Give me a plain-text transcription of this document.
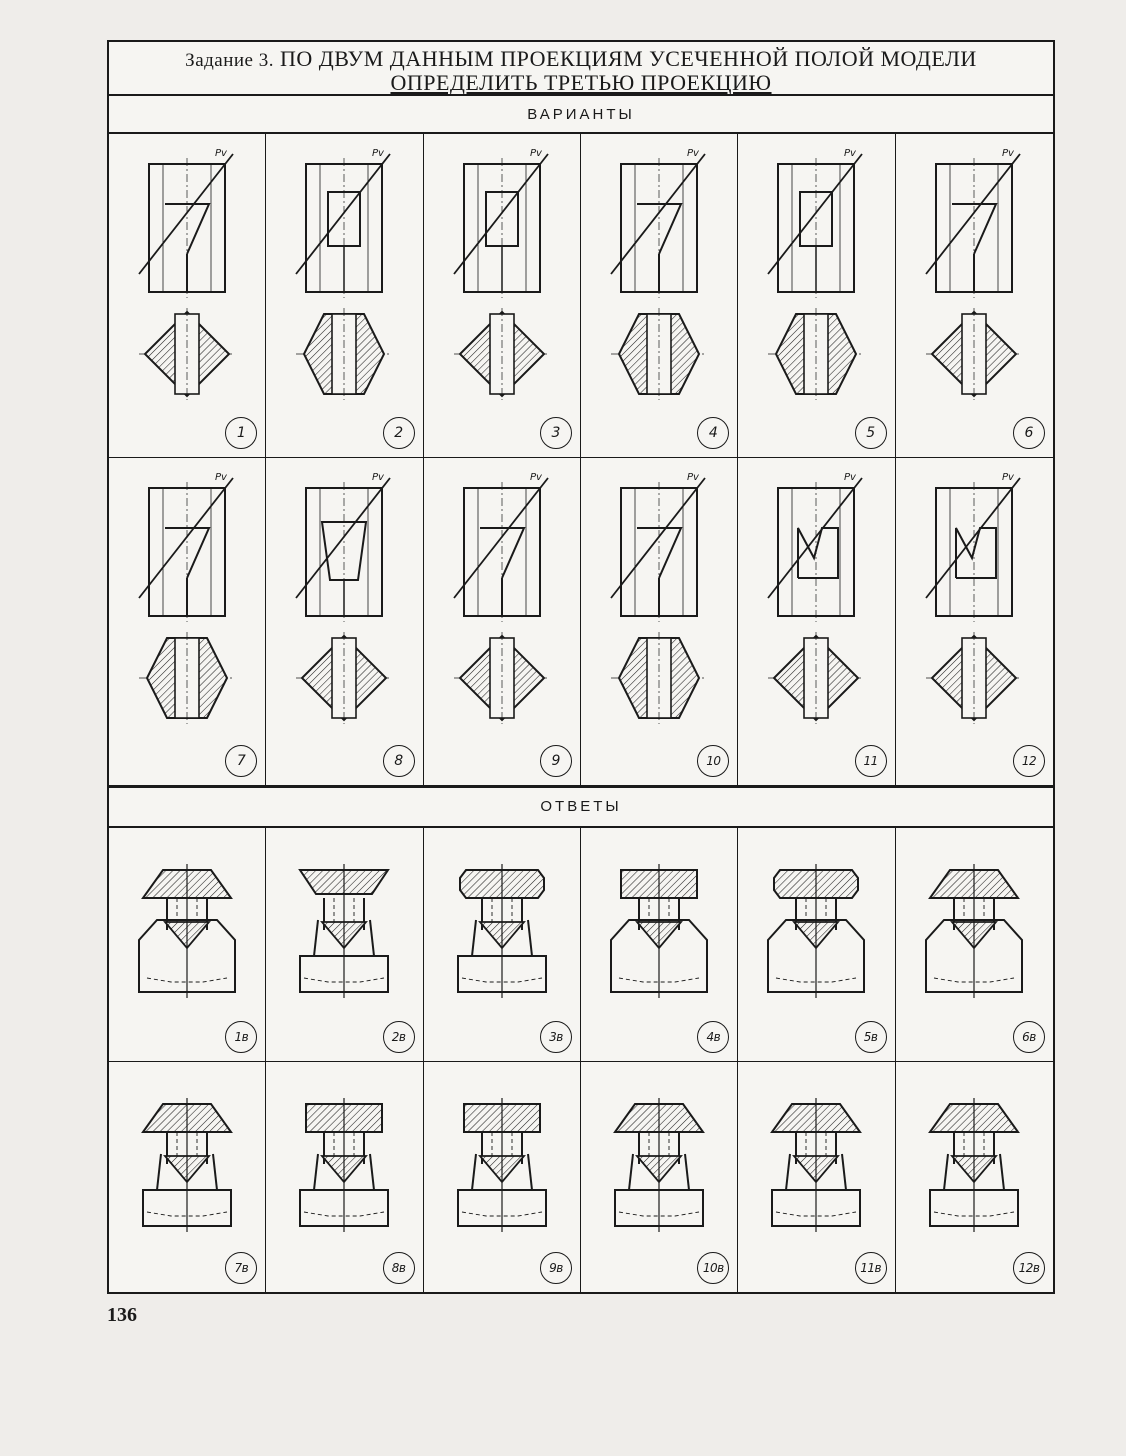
Задание 3. ПО ДВУМ ДАННЫМ ПРОЕКЦИЯМ УСЕЧЕННОЙ ПОЛОЙ МОДЕЛИ
ОПРЕДЕЛИТЬ ТРЕТЬЮ ПРОЕКЦИЮ
ВАРИАНТЫ
Pv
1
Pv
2
Pv
3
Pv
4
Pv
5
Pv
6
Pv
7
Pv
8
Pv
9
Pv
10
Pv
11
Pv
12
ОТВЕТЫ
1в	2в	3в	4в	5в	6в
7в	8в	9в	10в	11в	12в
136
